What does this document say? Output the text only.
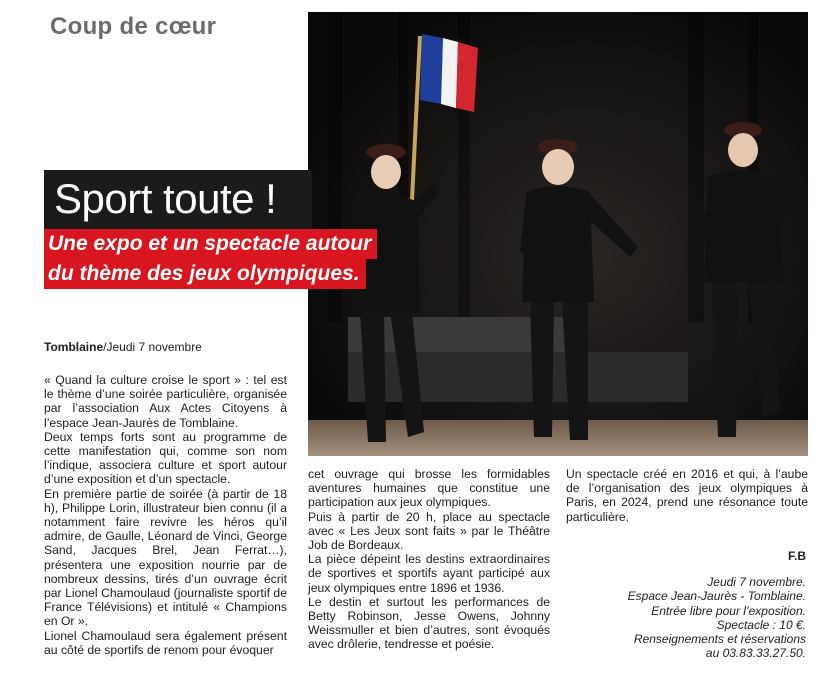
Coup de cœur
Sport toute !
Une expo et un spectacle autour
du thème des jeux olympiques.
Tomblaine/Jeudi 7 novembre

« Quand la culture croise le sport » : tel est le thème d’une soirée particulière, organisée par l’association Aux Actes Citoyens à l’espace Jean-Jaurès de Tomblaine.

Deux temps forts sont au programme de cette manifestation qui, comme son nom l’indique, associera culture et sport autour d’une exposition et d’un spectacle.

En première partie de soirée (à partir de 18 h), Philippe Lorin, illustrateur bien connu (il a notamment faire revivre les héros qu’il admire, de Gaulle, Léonard de Vinci, George Sand, Jacques Brel, Jean Ferrat…), présentera une exposition nourrie par de nombreux dessins, tirés d’un ouvrage écrit par Lionel Chamoulaud (journaliste sportif de France Télévisions) et intitulé « Champions en Or ».

Lionel Chamoulaud sera également présent au côté de sportifs de renom pour évoquer

cet ouvrage qui brosse les formidables aventures humaines que constitue une participation aux jeux olympiques.

Puis à partir de 20 h, place au spectacle avec « Les Jeux sont faits » par le Théâtre Job de Bordeaux.

La pièce dépeint les destins extraordinaires de sportives et sportifs ayant participé aux jeux olympiques entre 1896 et 1936.

Le destin et surtout les performances de Betty Robinson, Jesse Owens, Johnny Weissmuller et bien d’autres, sont évoqués avec drôlerie, tendresse et poésie.

Un spectacle créé en 2016 et qui, à l’aube de l’organisation des jeux olympiques à Paris, en 2024, prend une résonance toute particulière.

F.B
Jeudi 7 novembre.
Espace Jean-Jaurès - Tomblaine.
Entrée libre pour l’exposition.
Spectacle : 10 €.
Renseignements et réservations
au 03.83.33.27.50.
